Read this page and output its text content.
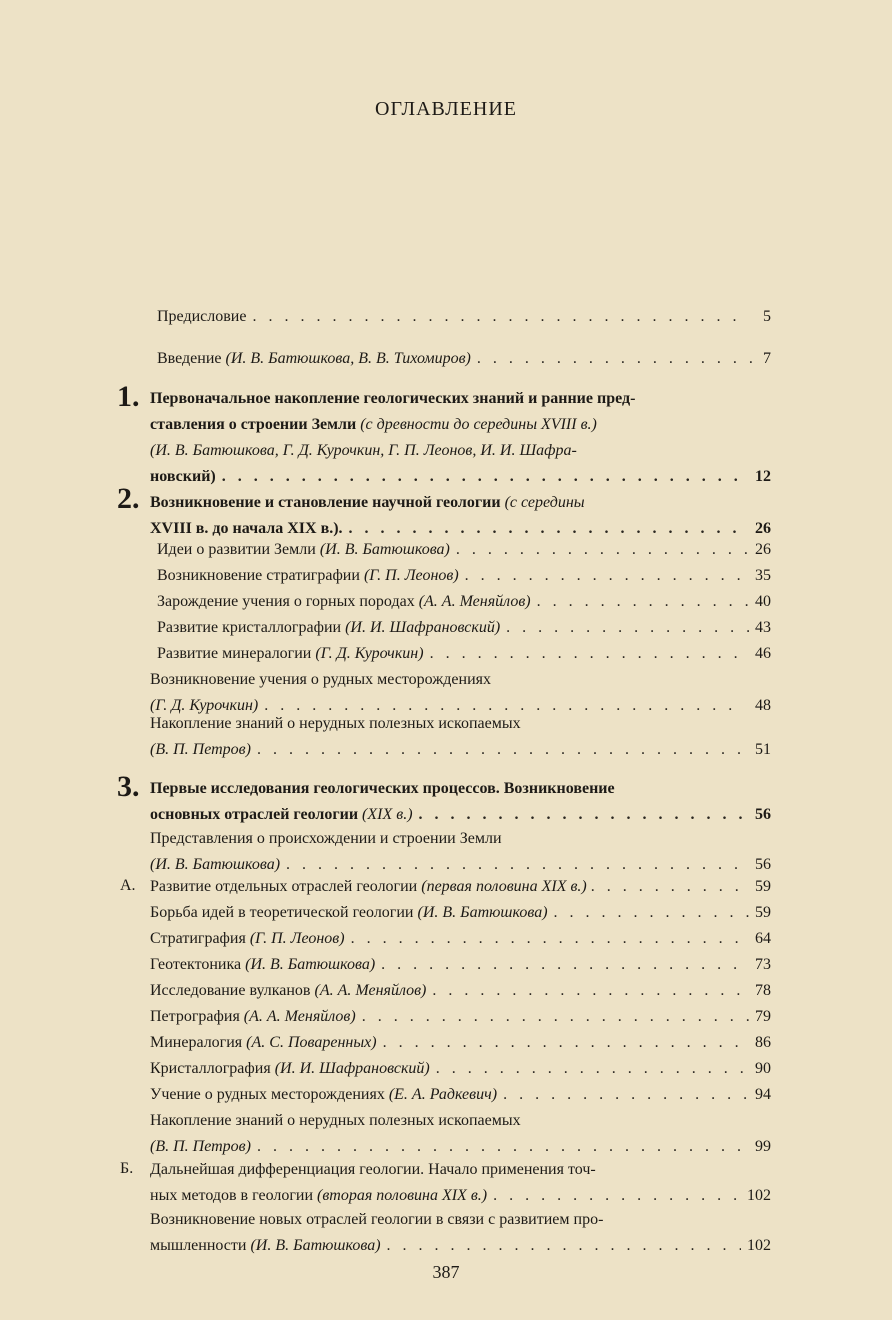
ОГЛАВЛЕНИЕ
Предисловие . . .	5
Введение (И. В. Батюшкова, В. В. Тихомиров) . . .	7
1. Первоначальное накопление геологических знаний и ранние пред-
ставления о строении Земли (с древности до середины XVIII в.)
(И. В. Батюшкова, Г. Д. Курочкин, Г. П. Леонов, И. И. Шафра-
новский) . . .	12
2. Возникновение и становление научной геологии (с середины
XVIII в. до начала XIX в.). . . .	26
Идеи о развитии Земли (И. В. Батюшкова) . . .	26
Возникновение стратиграфии (Г. П. Леонов) . . .	35
Зарождение учения о горных породах (А. А. Меняйлов) . . .	40
Развитие кристаллографии (И. И. Шафрановский) . . .	43
Развитие минералогии (Г. Д. Курочкин) . . .	46
Возникновение учения о рудных месторождениях
(Г. Д. Курочкин) . . .	48
Накопление знаний о нерудных полезных ископаемых
(В. П. Петров) . . .	51
3. Первые исследования геологических процессов. Возникновение
основных отраслей геологии (XIX в.) . . .	56
Представления о происхождении и строении Земли
(И. В. Батюшкова) . . .	56
А. Развитие отдельных отраслей геологии (первая половина XIX в.) . . .	59
Борьба идей в теоретической геологии (И. В. Батюшкова) . . .	59
Стратиграфия (Г. П. Леонов) . . .	64
Геотектоника (И. В. Батюшкова) . . .	73
Исследование вулканов (А. А. Меняйлов) . . .	78
Петрография (А. А. Меняйлов) . . .	79
Минералогия (А. С. Поваренных) . . .	86
Кристаллография (И. И. Шафрановский) . . .	90
Учение о рудных месторождениях (Е. А. Радкевич) . . .	94
Накопление знаний о нерудных полезных ископаемых
(В. П. Петров) . . .	99
Б. Дальнейшая дифференциация геологии. Начало применения точ-
ных методов в геологии (вторая половина XIX в.) . . .	102
Возникновение новых отраслей геологии в связи с развитием про-
мышленности (И. В. Батюшкова) . . .	102
387
